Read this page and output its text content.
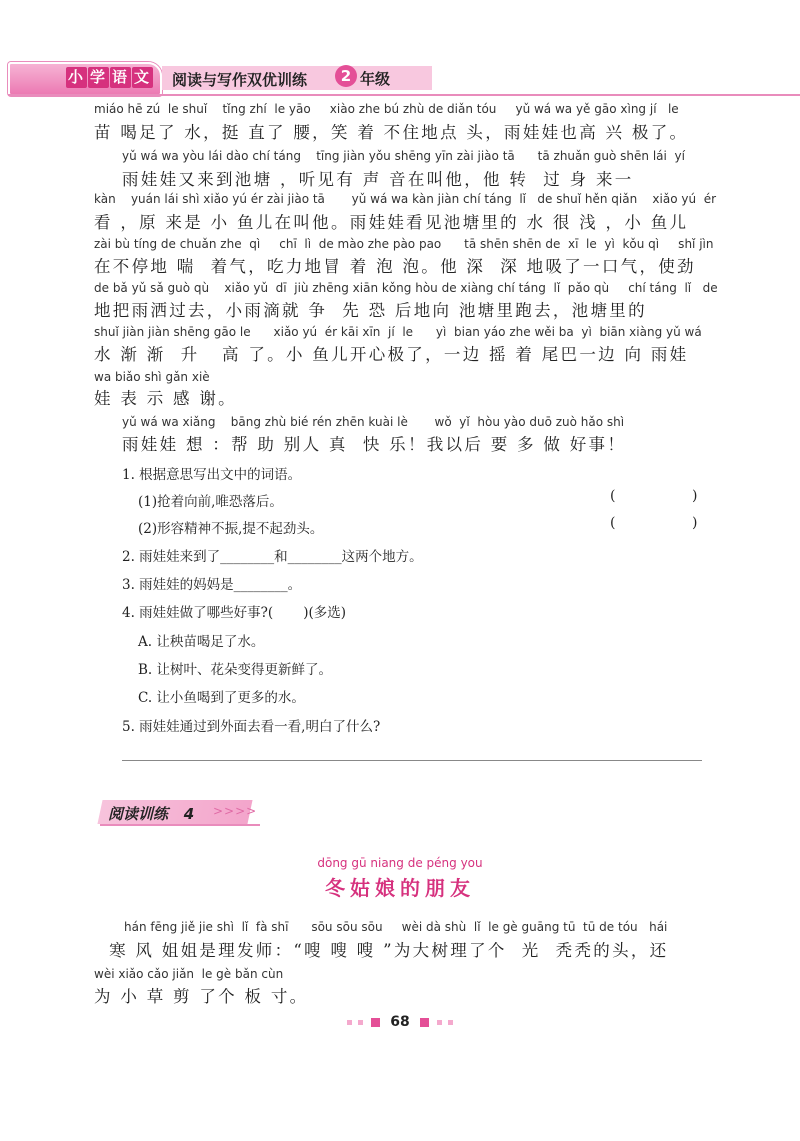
小 学 语 文 阅读与写作双优训练	2 年级
miáo hē zú  le shuǐ    tǐng zhí  le yāo     xiào zhe bú zhù de diǎn tóu     yǔ wá wa yě gāo xìng jí   le
苗 喝足了 水，挺 直了 腰，笑 着 不住地点 头，雨娃娃也高 兴 极了。
yǔ wá wa yòu lái dào chí táng    tīng jiàn yǒu shēng yīn zài jiào tā      tā zhuǎn guò shēn lái  yí
雨娃娃又来到池塘 ，听见有 声 音在叫他，他 转  过 身 来一
kàn    yuán lái shì xiǎo yú ér zài jiào tā       yǔ wá wa kàn jiàn chí táng  lǐ   de shuǐ hěn qiǎn    xiǎo yú  ér
看 ，原 来是 小 鱼儿在叫他。雨娃娃看见池塘里的 水 很 浅 ，小 鱼儿
zài bù tíng de chuǎn zhe  qì     chī  lì  de mào zhe pào pao      tā shēn shēn de  xī  le  yì  kǒu qì     shǐ jìn
在不停地 喘  着气，吃力地冒 着 泡 泡。他 深  深 地吸了一口气，使劲
de bǎ yǔ sǎ guò qù    xiǎo yǔ  dī  jiù zhēng xiān kǒng hòu de xiàng chí táng  lǐ  pǎo qù     chí táng  lǐ   de
地把雨洒过去，小雨滴就 争  先 恐 后地向 池塘里跑去，池塘里的
shuǐ jiàn jiàn shēng gāo le      xiǎo yú  ér kāi xīn  jí  le      yì  bian yáo zhe wěi ba  yì  biān xiàng yǔ wá
水 渐 渐  升   高 了。小 鱼儿开心极了，一边 摇 着 尾巴一边 向 雨娃
wa biǎo shì gǎn xiè
娃 表 示 感 谢。
yǔ wá wa xiǎng    bāng zhù bié rén zhēn kuài lè       wǒ  yǐ  hòu yào duō zuò hǎo shì
雨娃娃 想 ：帮 助 别人 真  快 乐！我以后 要 多 做 好事！
1. 根据意思写出文中的词语。
(1)抢着向前,唯恐落后。	(	)
(2)形容精神不振,提不起劲头。	(	)
2. 雨娃娃来到了________和________这两个地方。
3. 雨娃娃的妈妈是________。
4. 雨娃娃做了哪些好事?(       )(多选)
A. 让秧苗喝足了水。
B. 让树叶、花朵变得更新鲜了。
C. 让小鱼喝到了更多的水。
5. 雨娃娃通过到外面去看一看,明白了什么?
阅读训练 4 >>>>
dōng gū niang de péng you
冬姑娘的朋友
hán fēng jiě jie shì  lǐ  fà shī      sōu sōu sōu     wèi dà shù  lǐ  le gè guāng tū  tū de tóu   hái
寒 风 姐姐是理发师：“嗖 嗖 嗖 ”为大树理了个  光  秃秃的头，还
wèi xiǎo cǎo jiǎn  le gè bǎn cùn
为 小 草 剪 了个 板 寸。
68
